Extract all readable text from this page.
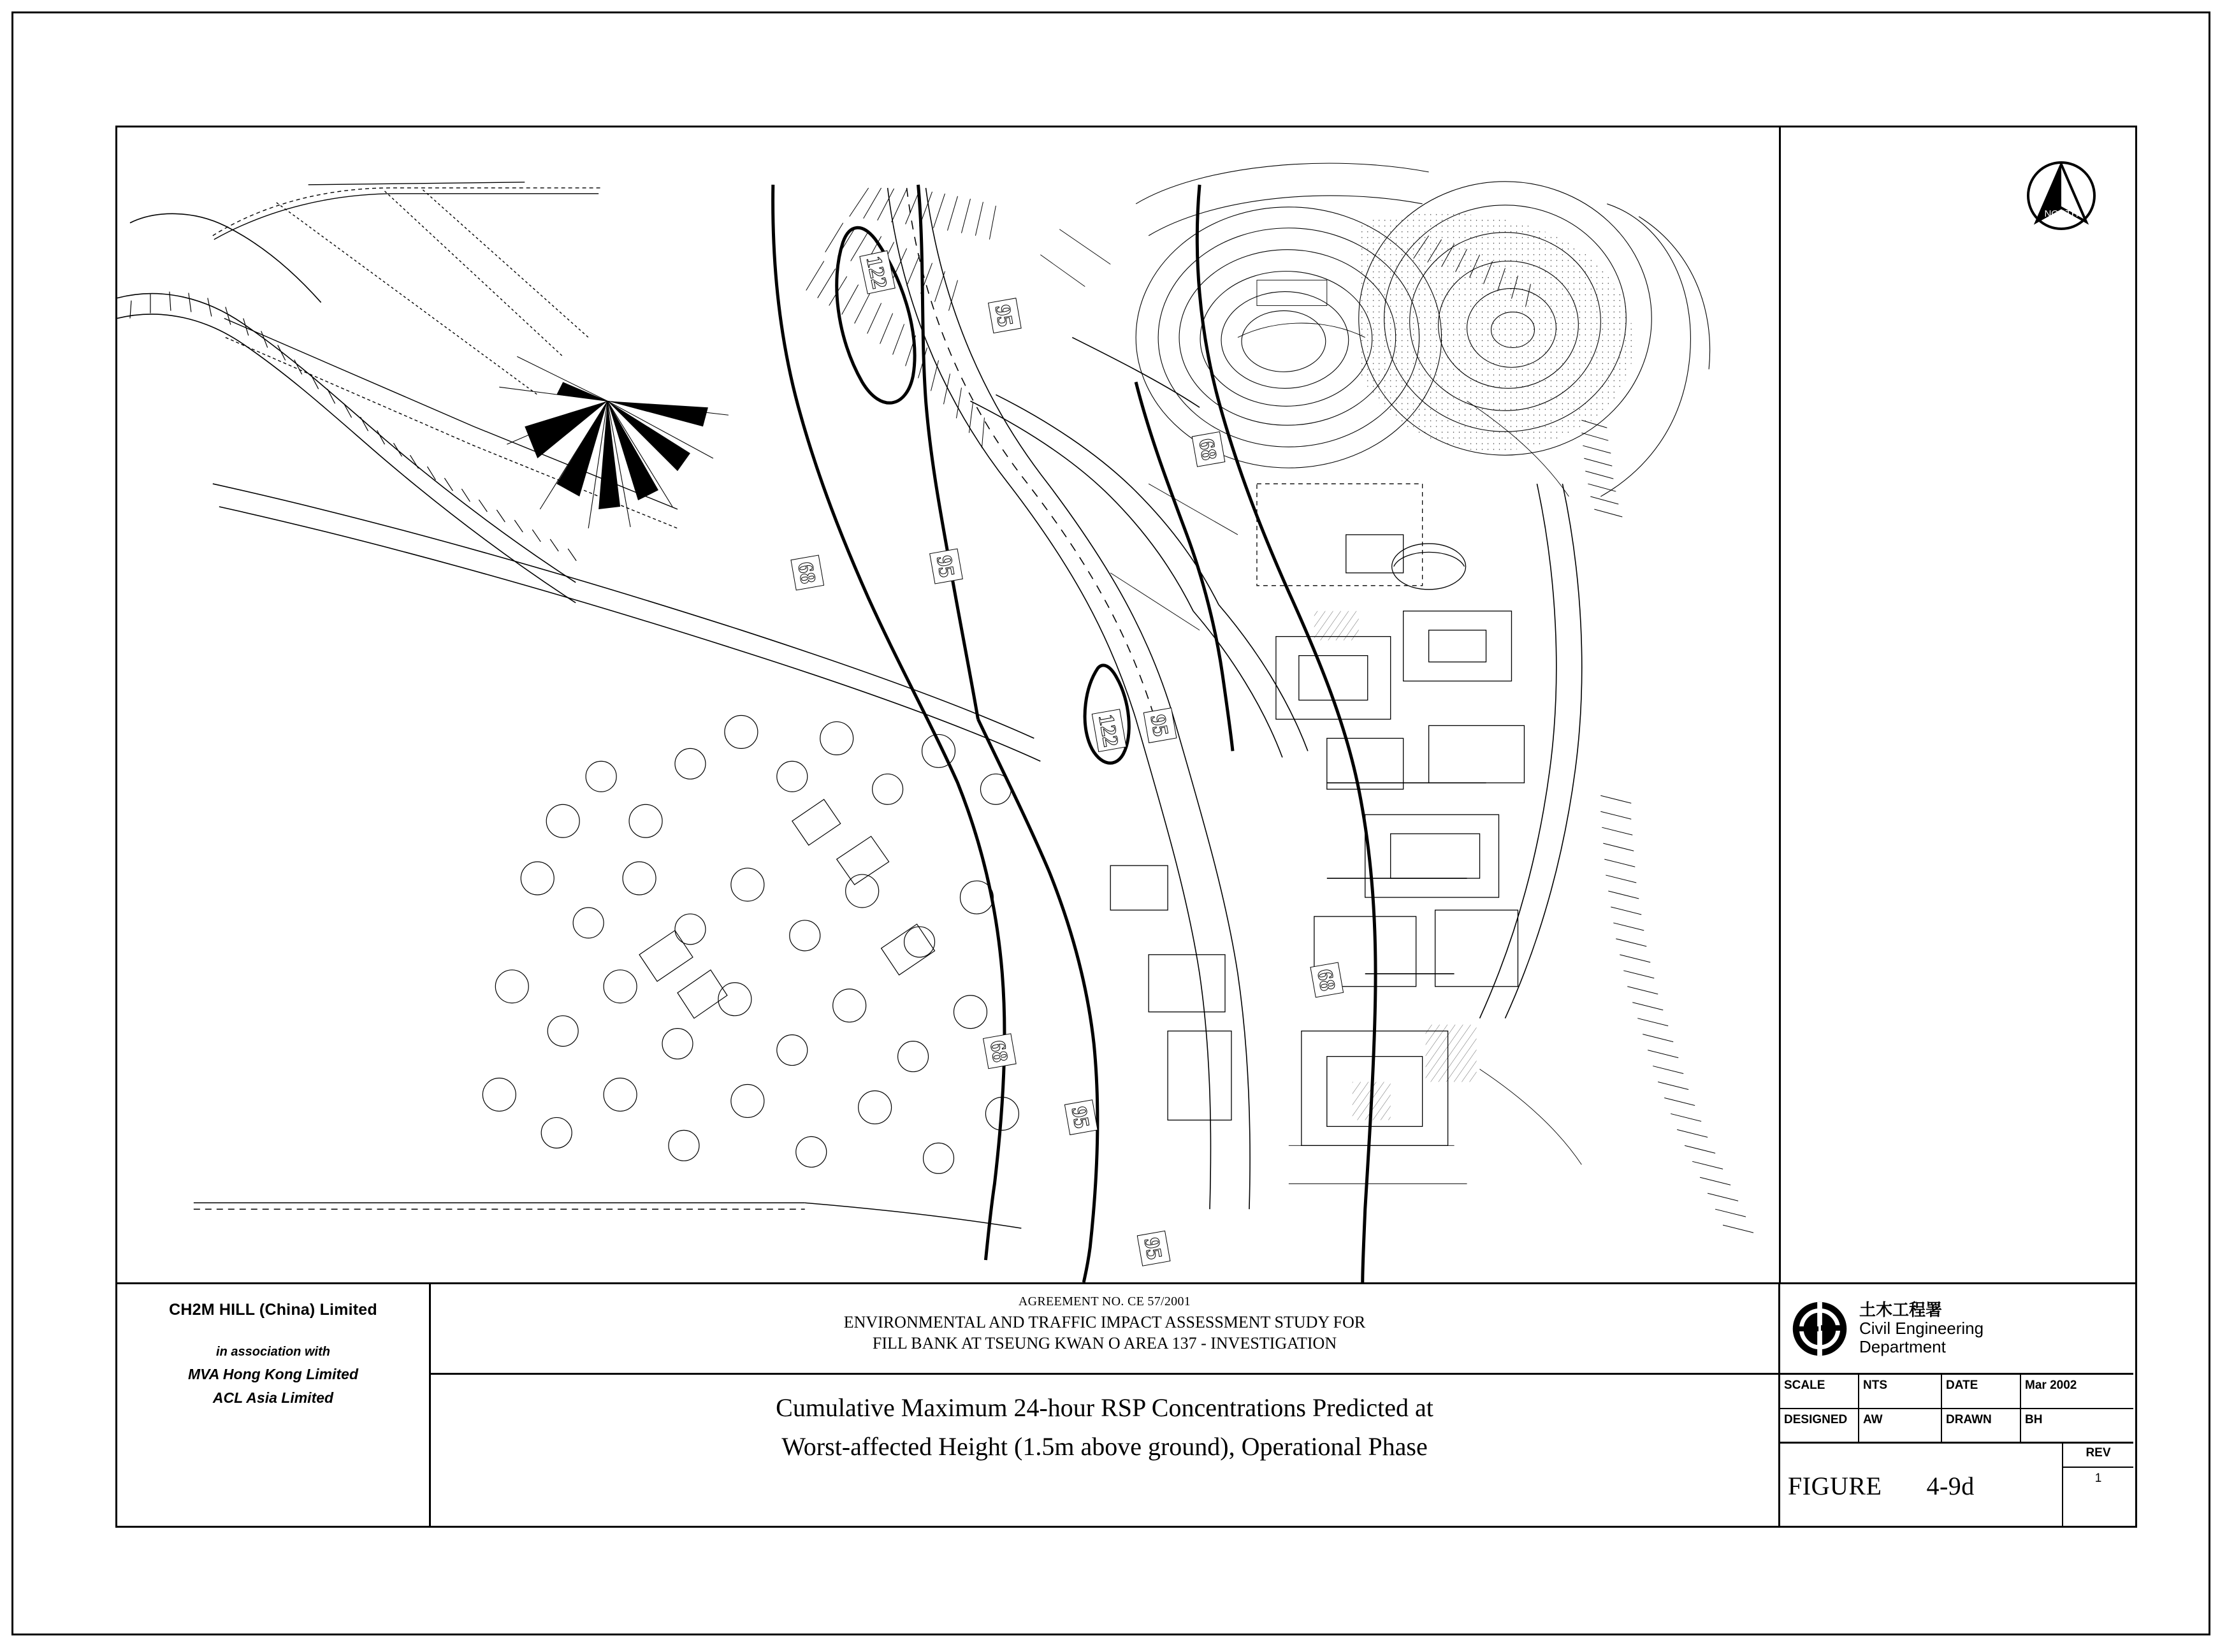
122
95
68
68	95
122 95
68
68
95
95
NORTH
CH2M HILL (China) Limited
in association with
MVA Hong Kong Limited
ACL Asia Limited
AGREEMENT NO. CE 57/2001
ENVIRONMENTAL AND TRAFFIC IMPACT ASSESSMENT STUDY FOR
FILL BANK AT TSEUNG KWAN O AREA 137 - INVESTIGATION
Cumulative Maximum 24-hour RSP Concentrations Predicted at
Worst-affected Height (1.5m above ground), Operational Phase
土木工程署
Civil Engineering
Department
SCALE	NTS	DATE	Mar 2002
DESIGNED	AW	DRAWN	BH
FIGURE 4-9d
REV
1
